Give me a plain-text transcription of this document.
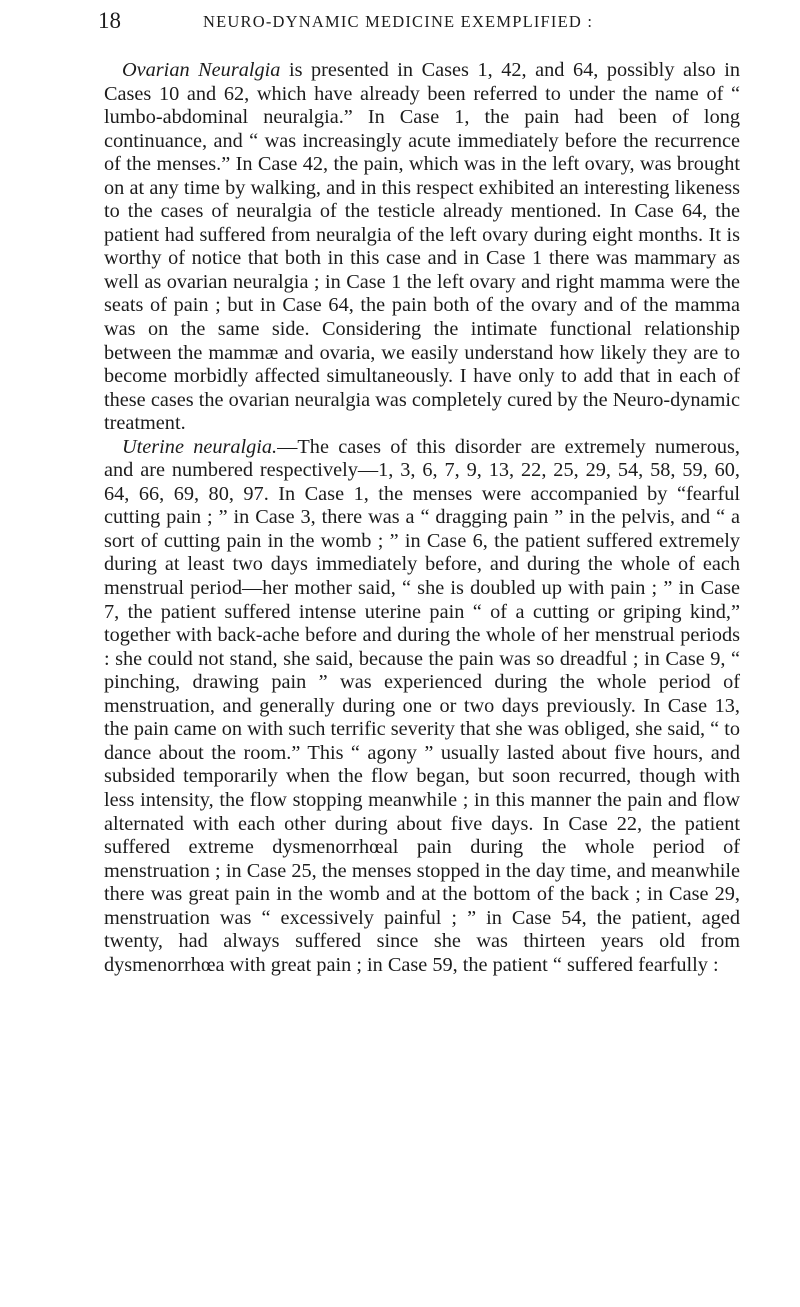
18	NEURO-DYNAMIC MEDICINE EXEMPLIFIED :

Ovarian Neuralgia is presented in Cases 1, 42, and 64, possibly also in Cases 10 and 62, which have already been referred to under the name of “ lumbo-abdominal neuralgia.” In Case 1, the pain had been of long continuance, and “ was increasingly acute immediately before the recurrence of the menses.” In Case 42, the pain, which was in the left ovary, was brought on at any time by walking, and in this respect exhibited an interesting likeness to the cases of neuralgia of the testicle already mentioned. In Case 64, the patient had suffered from neuralgia of the left ovary during eight months. It is worthy of notice that both in this case and in Case 1 there was mammary as well as ovarian neuralgia ; in Case 1 the left ovary and right mamma were the seats of pain ; but in Case 64, the pain both of the ovary and of the mamma was on the same side. Considering the intimate functional relationship between the mammæ and ovaria, we easily understand how likely they are to become morbidly affected simultaneously. I have only to add that in each of these cases the ovarian neuralgia was completely cured by the Neuro-dynamic treatment.

Uterine neuralgia.—The cases of this disorder are extremely numerous, and are numbered respectively—1, 3, 6, 7, 9, 13, 22, 25, 29, 54, 58, 59, 60, 64, 66, 69, 80, 97. In Case 1, the menses were accompanied by “fearful cutting pain ; ” in Case 3, there was a “ dragging pain ” in the pelvis, and “ a sort of cutting pain in the womb ; ” in Case 6, the patient suffered extremely during at least two days immediately before, and during the whole of each menstrual period—her mother said, “ she is doubled up with pain ; ” in Case 7, the patient suffered intense uterine pain “ of a cutting or griping kind,” together with back-ache before and during the whole of her menstrual periods : she could not stand, she said, because the pain was so dreadful ; in Case 9, “ pinching, drawing pain ” was experienced during the whole period of menstruation, and generally during one or two days previously. In Case 13, the pain came on with such terrific severity that she was obliged, she said, “ to dance about the room.” This “ agony ” usually lasted about five hours, and subsided temporarily when the flow began, but soon recurred, though with less intensity, the flow stopping meanwhile ; in this manner the pain and flow alternated with each other during about five days. In Case 22, the patient suffered extreme dysmenorrhœal pain during the whole period of menstruation ; in Case 25, the menses stopped in the day time, and meanwhile there was great pain in the womb and at the bottom of the back ; in Case 29, menstruation was “ excessively painful ; ” in Case 54, the patient, aged twenty, had always suffered since she was thirteen years old from dysmenorrhœa with great pain ; in Case 59, the patient “ suffered fearfully :
